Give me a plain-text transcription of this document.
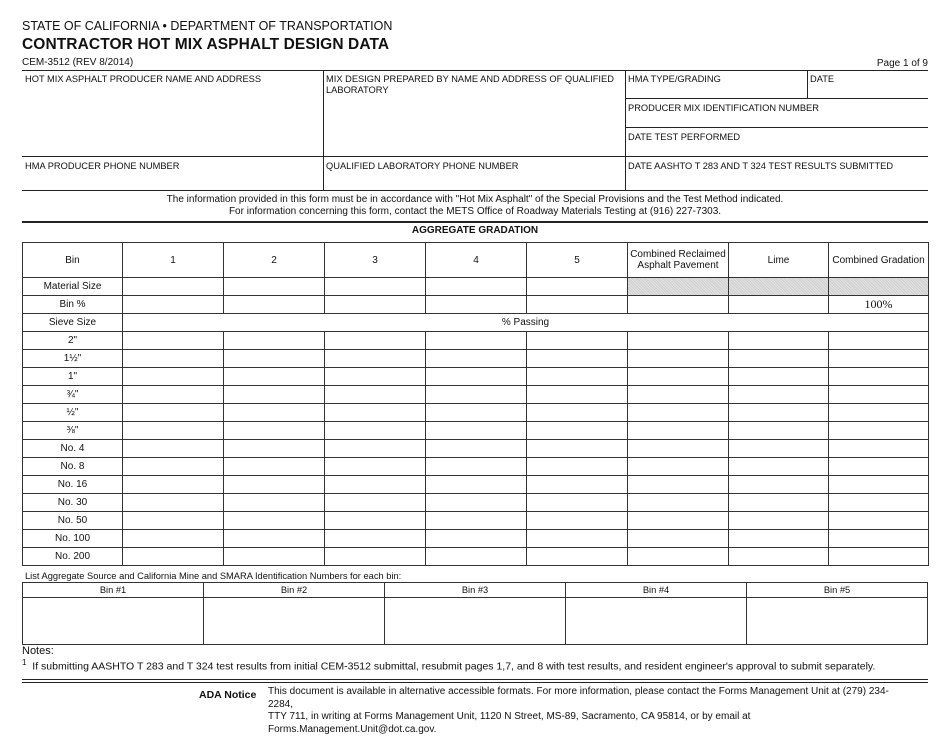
STATE OF CALIFORNIA • DEPARTMENT OF TRANSPORTATION
CONTRACTOR HOT MIX ASPHALT DESIGN DATA
CEM-3512 (REV 8/2014)	Page 1 of 9
HOT MIX ASPHALT PRODUCER NAME AND ADDRESS	MIX DESIGN PREPARED BY NAME AND ADDRESS OF QUALIFIED LABORATORY
HMA TYPE/GRADING	DATE
PRODUCER MIX IDENTIFICATION NUMBER
DATE TEST PERFORMED
HMA PRODUCER PHONE NUMBER	QUALIFIED LABORATORY PHONE NUMBER	DATE AASHTO T 283 AND T 324 TEST RESULTS SUBMITTED
The information provided in this form must be in accordance with "Hot Mix Asphalt" of the Special Provisions and the Test Method indicated.
For information concerning this form, contact the METS Office of Roadway Materials Testing at (916) 227-7303.
AGGREGATE GRADATION
Bin	1	2	3	4	5	Combined Reclaimed Asphalt Pavement	Lime	Combined Gradation
Material Size								
Bin %								100%
Sieve Size	% Passing							
2"								
1½"								
1"								
¾"								
½"								
⅜"								
No. 4								
No. 8								
No. 16								
No. 30								
No. 50								
No. 100								
No. 200								
List Aggregate Source and California Mine and SMARA Identification Numbers for each bin:
Bin #1	Bin #2	Bin #3	Bin #4	Bin #5

Notes:
$^1$ If submitting AASHTO T 283 and T 324 test results from initial CEM-3512 submittal, resubmit pages 1,7, and 8 with test results, and resident engineer's approval to submit separately.
ADA Notice This document is available in alternative accessible formats. For more information, please contact the Forms Management Unit at (279) 234-2284,
TTY 711, in writing at Forms Management Unit, 1120 N Street, MS-89, Sacramento, CA 95814, or by email at Forms.Management.Unit@dot.ca.gov.
